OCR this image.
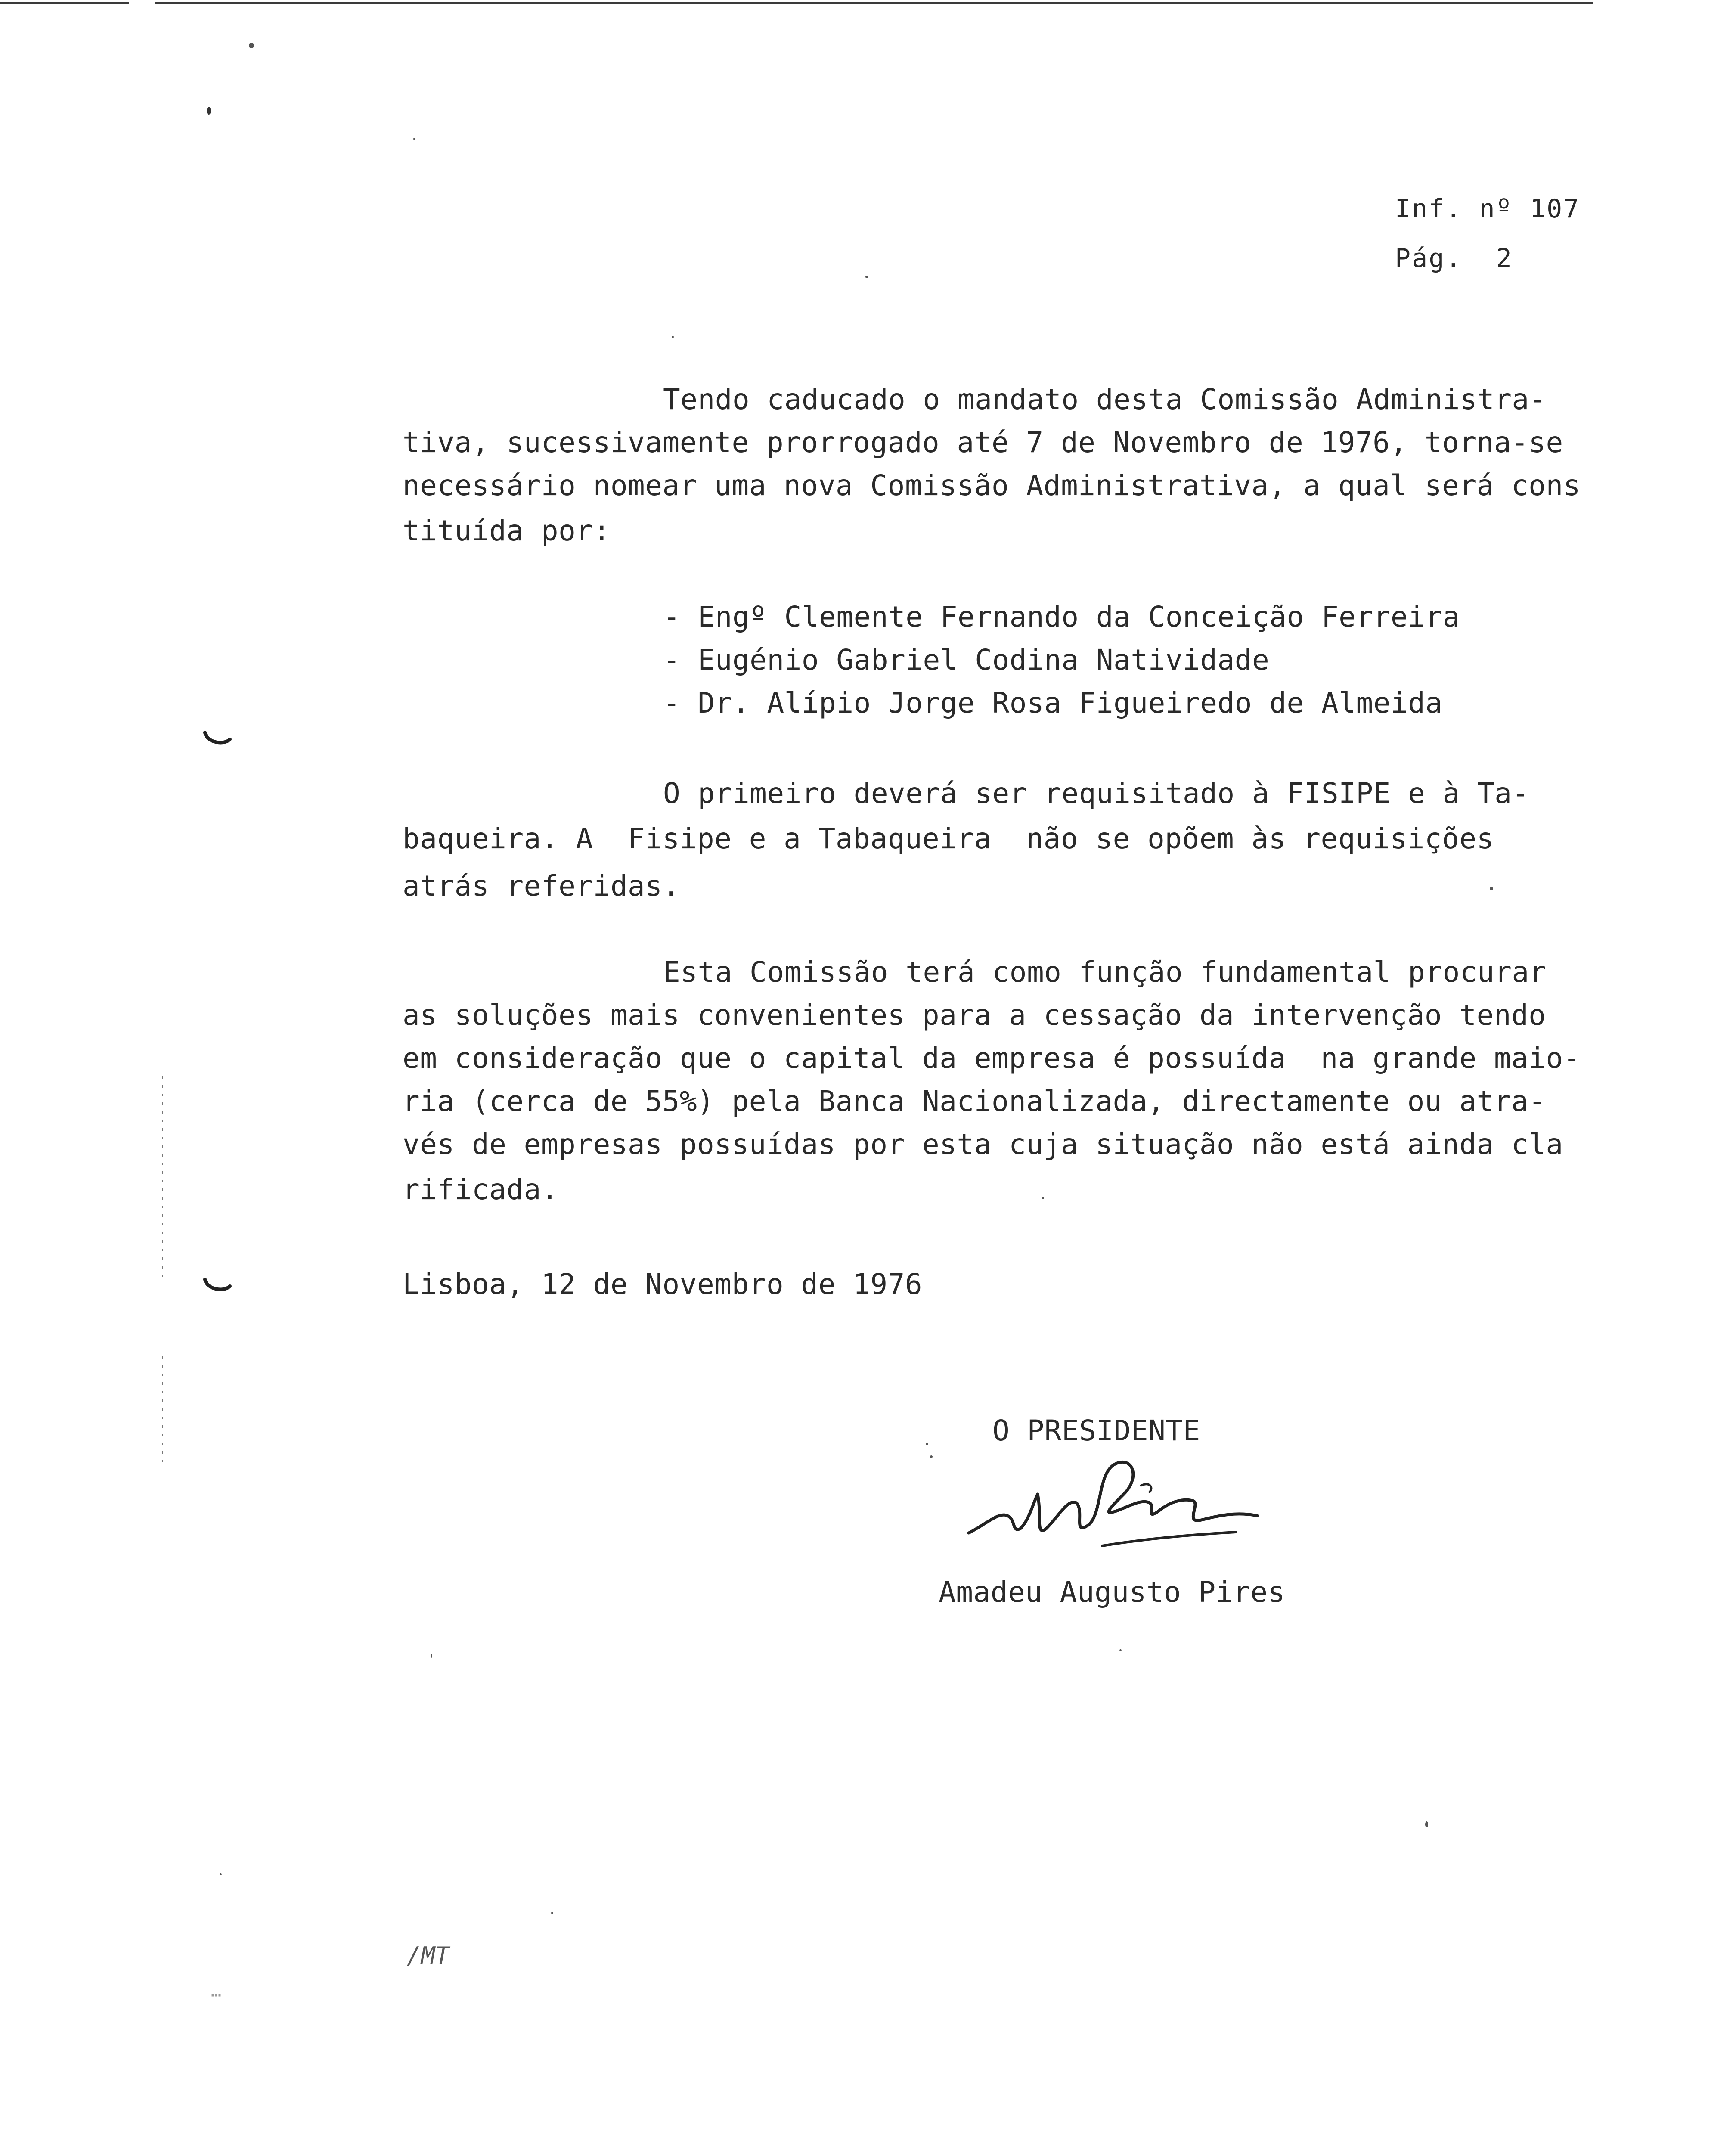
Inf. nº 107
Pág.  2
Tendo caducado o mandato desta Comissão Administra-
tiva, sucessivamente prorrogado até 7 de Novembro de 1976, torna-se
necessário nomear uma nova Comissão Administrativa, a qual será cons
tituída por:
- Engº Clemente Fernando da Conceição Ferreira
- Eugénio Gabriel Codina Natividade
- Dr. Alípio Jorge Rosa Figueiredo de Almeida
O primeiro deverá ser requisitado à FISIPE e à Ta-
baqueira. A  Fisipe e a Tabaqueira  não se opõem às requisições
atrás referidas.
Esta Comissão terá como função fundamental procurar
as soluções mais convenientes para a cessação da intervenção tendo
em consideração que o capital da empresa é possuída  na grande maio-
ria (cerca de 55%) pela Banca Nacionalizada, directamente ou atra-
vés de empresas possuídas por esta cuja situação não está ainda cla
rificada.
Lisboa, 12 de Novembro de 1976
O PRESIDENTE
Amadeu Augusto Pires
/MT
⋯
